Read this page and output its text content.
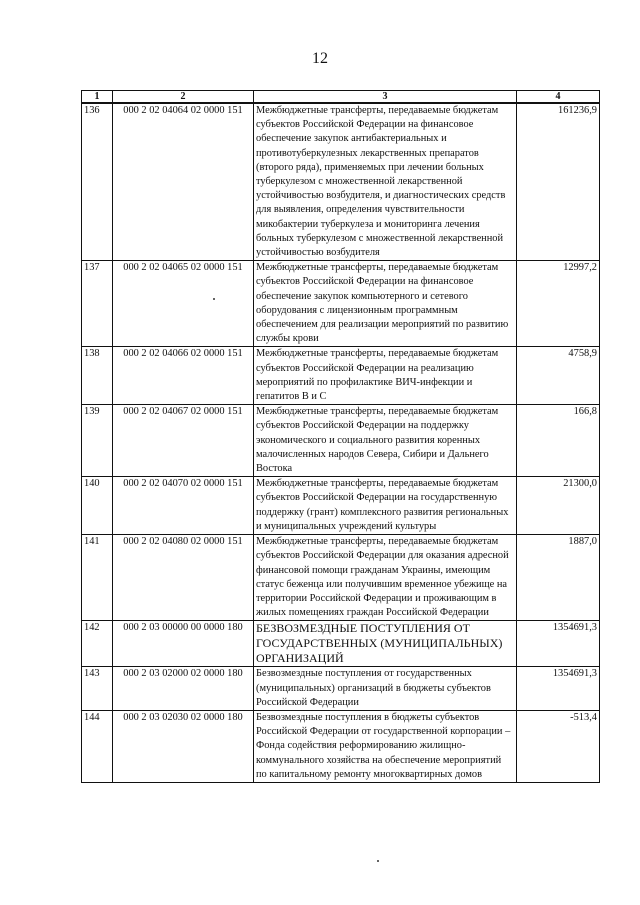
12
1	2	3	4
136	000 2 02 04064 02 0000 151	Межбюджетные трансферты, передаваемые бюджетам субъектов Российской Федерации на финансовое обеспечение закупок антибактериальных и противотуберкулезных лекарственных препаратов (второго ряда), применяемых при лечении больных туберкулезом с множественной лекарственной устойчивостью возбудителя, и диагностических средств для выявления, определения чувствительности микобактерии туберкулеза и мониторинга лечения больных туберкулезом с множественной лекарственной устойчивостью возбудителя	161236,9
137	000 2 02 04065 02 0000 151	Межбюджетные трансферты, передаваемые бюджетам субъектов Российской Федерации на финансовое обеспечение закупок компьютерного и сетевого оборудования с лицензионным программным обеспечением для реализации мероприятий по развитию службы крови	12997,2
138	000 2 02 04066 02 0000 151	Межбюджетные трансферты, передаваемые бюджетам субъектов Российской Федерации на реализацию мероприятий по профилактике ВИЧ-инфекции и гепатитов В и С	4758,9
139	000 2 02 04067 02 0000 151	Межбюджетные трансферты, передаваемые бюджетам субъектов Российской Федерации на поддержку экономического и социального развития коренных малочисленных народов Севера, Сибири и Дальнего Востока	166,8
140	000 2 02 04070 02 0000 151	Межбюджетные трансферты, передаваемые бюджетам субъектов Российской Федерации на государственную поддержку (грант) комплексного развития региональных и муниципальных учреждений культуры	21300,0
141	000 2 02 04080 02 0000 151	Межбюджетные трансферты, передаваемые бюджетам субъектов Российской Федерации для оказания адресной финансовой помощи гражданам Украины, имеющим статус беженца или получившим временное убежище на территории Российской Федерации и проживающим в жилых помещениях граждан Российской Федерации	1887,0
142	000 2 03 00000 00 0000 180	БЕЗВОЗМЕЗДНЫЕ ПОСТУПЛЕНИЯ ОТ ГОСУДАРСТВЕННЫХ (МУНИЦИПАЛЬНЫХ) ОРГАНИЗАЦИЙ	1354691,3
143	000 2 03 02000 02 0000 180	Безвозмездные поступления от государственных (муниципальных) организаций в бюджеты субъектов Российской Федерации	1354691,3
144	000 2 03 02030 02 0000 180	Безвозмездные поступления в бюджеты субъектов Российской Федерации от государственной корпорации – Фонда содействия реформированию жилищно-коммунального хозяйства на обеспечение мероприятий по капитальному ремонту многоквартирных домов	-513,4
